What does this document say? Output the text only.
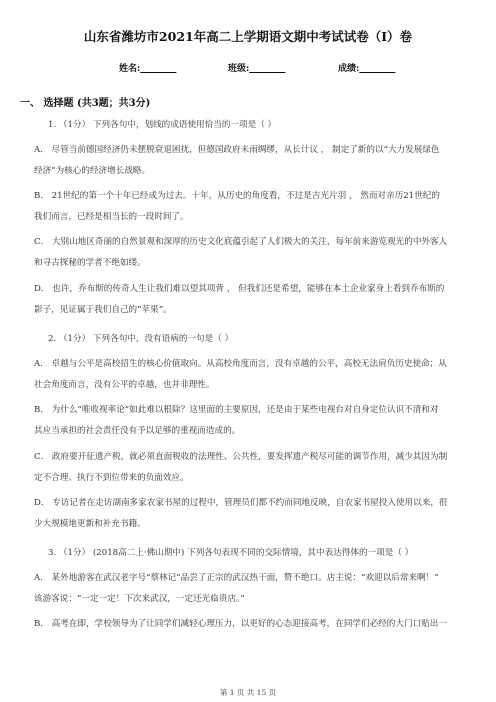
山东省潍坊市2021年高二上学期语文期中考试试卷（I）卷
姓名:________	班级:________	成绩:________
一、 选择题 (共3题；共3分)
1. （1分） 下列各句中，划线的成语使用恰当的一项是（ ）
A． 尽管当前德国经济仍未摆脱衰退困扰，但德国政府未雨绸缪，从长计议 ， 制定了新的以“大力发展绿色
经济”为核心的经济增长战略。
B． 21世纪的第一个十年已经成为过去。十年，从历史的角度看，不过是吉光片羽 ， 然而对亲历21世纪的
我们而言，已经是相当长的一段时间了。
C． 大别山地区奇丽的自然景观和深厚的历史文化底蕴引起了人们极大的关注，每年前来游览观光的中外客人
和寻古探秘的学者不绝如缕。
D． 也许，乔布斯的传奇人生让我们难以望其项背 ， 但我们还是希望，能够在本土企业家身上看到乔布斯的
影子，见证属于我们自己的“苹果”。
2. （1分） 下列各句中，没有语病的一句是（ ）
A． 卓越与公平是高校招生的核心价值取向。从高校角度而言，没有卓越的公平，高校无法肩负历史使命；从
社会角度而言，没有公平的卓越，也并非理性。
B． 为什么“唯收视率论”如此难以根除？这里面的主要原因，还是由于某些电视台对自身定位认识不清和对
其应当承担的社会责任没有予以足够的重视而造成的。
C． 政府要开征遗产税，就必须直面税收的法理性、公共性，要发挥遗产税尽可能的调节作用，减少其因为制
定不合理、执行不到位带来的负面效应。
D． 专访记者在走访湖南多家农家书屋的过程中，管理员们都不约而同地反映，自农家书屋投入使用以来，很
少大规模地更新和补充书籍。
3. （1分） (2018高二上·佛山期中) 下列各句表现不同的交际情境，其中表达得体的一项是（ ）
A． 某外地游客在武汉老字号“蔡林记”品尝了正宗的武汉热干面，赞不绝口。店主说：“欢迎以后常来啊！”
该游客说：“一定一定！下次来武汉，一定还光临贵店。”
B． 高考在即，学校领导为了让同学们减轻心理压力，以更好的心态迎接高考，在同学们必经的大门口贴出一
第 1 页 共 15 页
